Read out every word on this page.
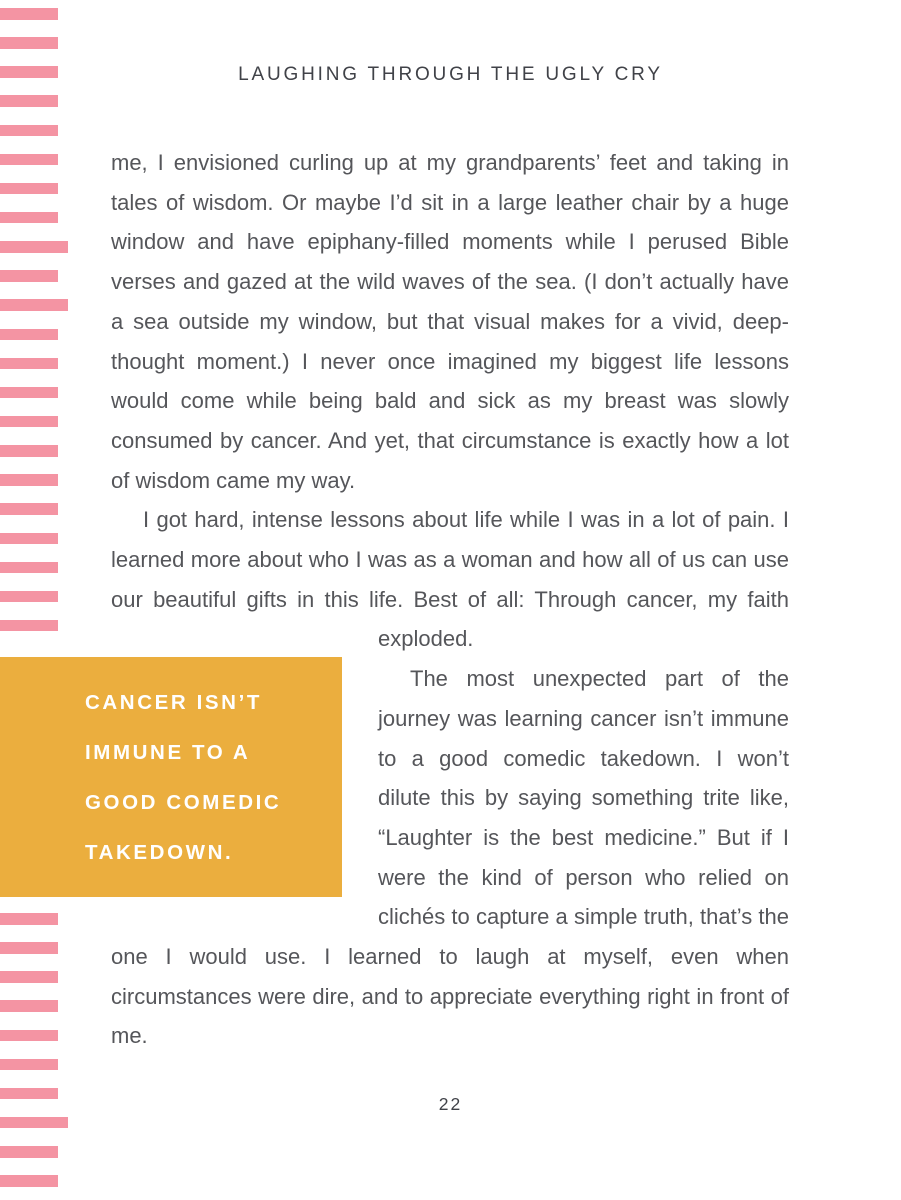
LAUGHING THROUGH THE UGLY CRY

me, I envisioned curling up at my grandparents’ feet and taking in tales of wisdom. Or maybe I’d sit in a large leather chair by a huge window and have epiphany-filled moments while I perused Bible verses and gazed at the wild waves of the sea. (I don’t actually have a sea outside my window, but that visual makes for a vivid, deep-thought moment.) I never once imagined my biggest life lessons would come while being bald and sick as my breast was slowly consumed by cancer. And yet, that circumstance is exactly how a lot of wisdom came my way.

I got hard, intense lessons about life while I was in a lot of pain. I learned more about who I was as a woman and how all of us can use our beautiful gifts in this life. Best of all: Through cancer, my
CANCER ISN’T
IMMUNE TO A
GOOD COMEDIC
TAKEDOWN.
faith exploded.

The most unexpected part of the journey was learning cancer isn’t immune to a good comedic takedown. I won’t dilute this by saying something trite like, “Laughter is the best medicine.” But if I were the kind of person who relied on clichés to capture a simple truth, that’s the one I would use. I learned to laugh at myself, even when circumstances were dire, and to appreciate everything right in front of me.

22
